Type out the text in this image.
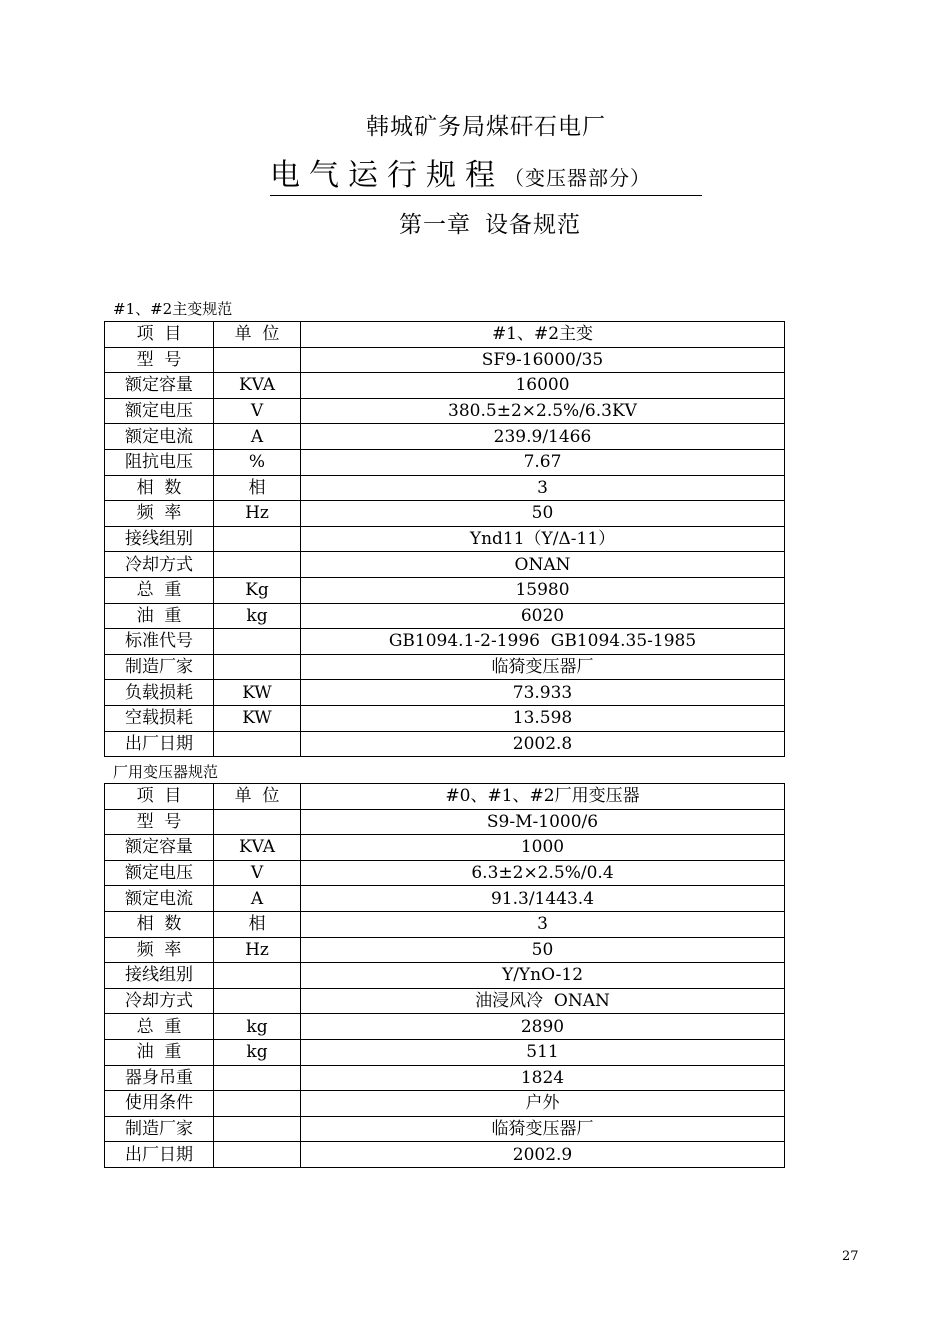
韩城矿务局煤矸石电厂
电气运行规程（变压器部分）
第一章 设备规范
#1、#2主变规范
项  目	单  位	#1、#2主变
型  号		SF9-16000/35
额定容量	KVA	16000
额定电压	V	380.5±2×2.5%/6.3KV
额定电流	A	239.9/1466
阻抗电压	%	7.67
相  数	相	3
频  率	Hz	50
接线组别		Ynd11（Y/Δ-11）
冷却方式		ONAN
总  重	Kg	15980
油  重	kg	6020
标准代号		GB1094.1-2-1996  GB1094.35-1985
制造厂家		临猗变压器厂
负载损耗	KW	73.933
空载损耗	KW	13.598
出厂日期		2002.8
厂用变压器规范
项  目	单  位	#0、#1、#2厂用变压器
型  号		S9-M-1000/6
额定容量	KVA	1000
额定电压	V	6.3±2×2.5%/0.4
额定电流	A	91.3/1443.4
相  数	相	3
频  率	Hz	50
接线组别		Y/YnO-12
冷却方式		油浸风冷  ONAN
总  重	kg	2890
油  重	kg	511
器身吊重		1824
使用条件		户外
制造厂家		临猗变压器厂
出厂日期		2002.9
27
